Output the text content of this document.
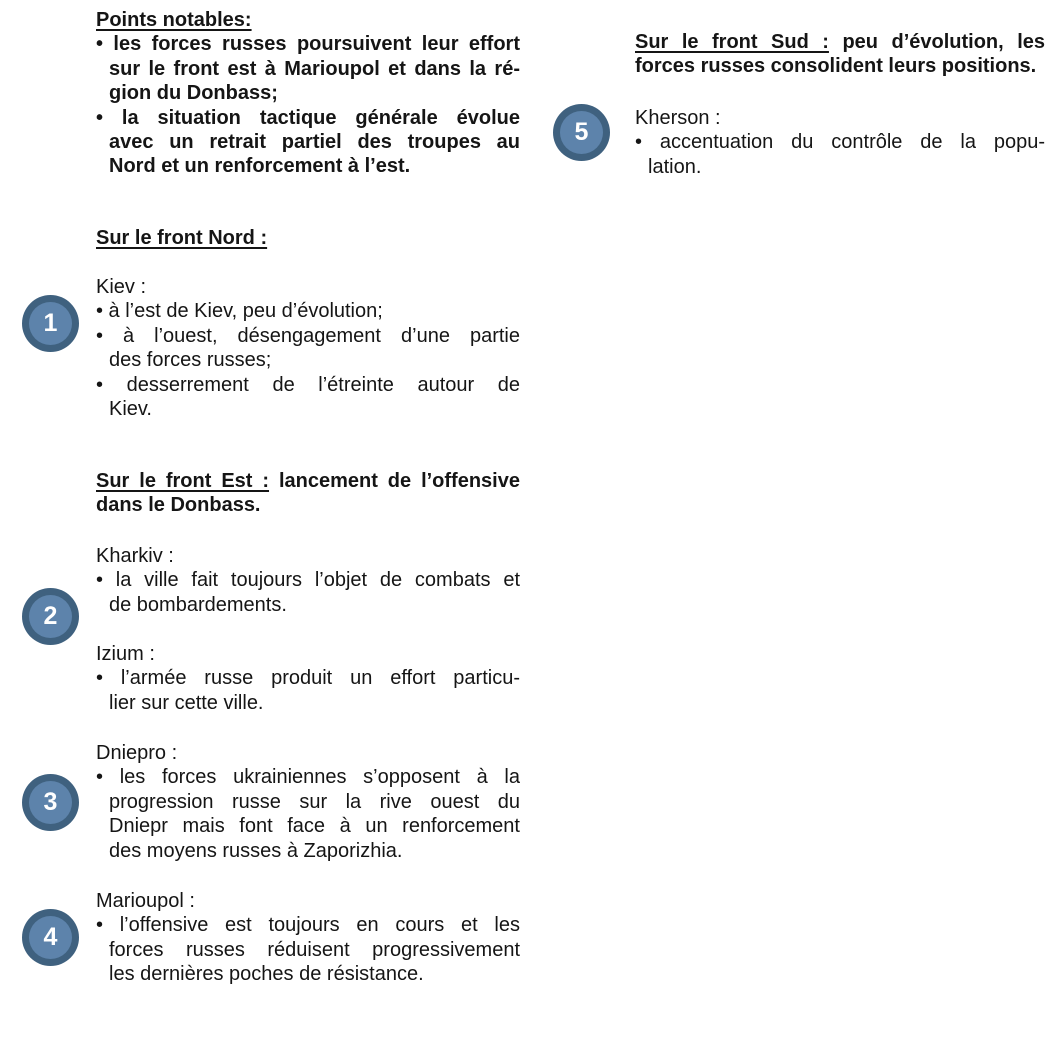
1
2
3
4
5
Points notables:
• les forces russes poursuivent leur effort
sur le front est à Marioupol et dans la ré-
gion du Donbass;
• la situation tactique générale évolue
avec un retrait partiel des troupes au
Nord et un renforcement à l’est.
Sur le front Nord :
Kiev :
• à l’est de Kiev, peu d’évolution;
• à l’ouest, désengagement d’une partie
des forces russes;
• desserrement de l’étreinte autour de
Kiev.
Sur le front Est : lancement de l’offensive
dans le Donbass.
Kharkiv :
• la ville fait toujours l’objet de combats et
de bombardements.
Izium :
• l’armée russe produit un effort particu-
lier sur cette ville.
Dniepro :
• les forces ukrainiennes s’opposent à la
progression russe sur la rive ouest du
Dniepr mais font face à un renforcement
des moyens russes à Zaporizhia.
Marioupol :
• l’offensive est toujours en cours et les
forces russes réduisent progressivement
les dernières poches de résistance.
Sur le front Sud : peu d’évolution, les
forces russes consolident leurs positions.
Kherson :
• accentuation du contrôle de la popu-
lation.
